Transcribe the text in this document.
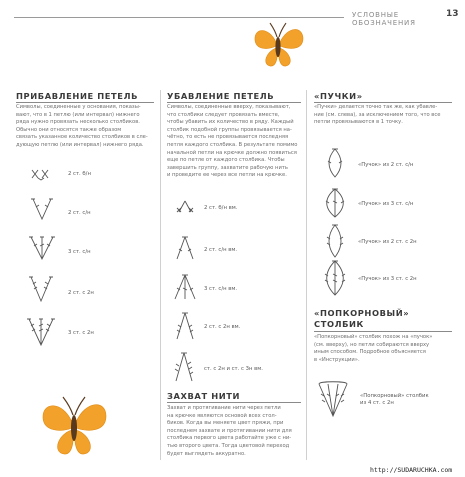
УСЛОВНЫЕ ОБОЗНАЧЕНИЯ
13
ПРИБАВЛЕНИЕ ПЕТЕЛЬ
Символы, соединенные у основания, показы-
вают, что в 1 петлю (или интервал) нижнего
ряда нужно провязать несколько столбиков.
Обычно они относятся также образом
связать указанное количество столбиков в сле-
дующую петлю (или интервал) нижнего ряда.
2 ст. б/н
2 ст. с/н
3 ст. с/н
2 ст. с 2н
3 ст. с 2н
УБАВЛЕНИЕ ПЕТЕЛЬ
Символы, соединенные вверху, показывают,
что столбики следует провязать вместе,
чтобы убавить их количество в ряду. Каждый
столбик подобной группы провязывается на-
чётно, то есть не провязывается последняя
петля каждого столбика. В результате помимо
начальной петли на крючке должно появиться
еще по петле от каждого столбика. Чтобы
завершить группу, захватите рабочую нить
и проведите ее через все петли на крючке.
2 ст. б/н вм.
2 ст. с/н вм.
3 ст. с/н вм.
2 ст. с 2н вм.
ст. с 2н и ст. с 3н вм.
ЗАХВАТ НИТИ
Захват и протягивание нити через петли
на крючке являются основой всех стол-
биков. Когда вы меняете цвет пряжи, при
последнем захвате и протягивании нити для
столбика первого цвета работайте уже с ни-
тью второго цвета. Тогда цветовой переход
будет выглядеть аккуратно.
«ПУЧКИ»
«Пучки» делается точно так же, как убавле-
ние (см. слева), за исключением того, что все
петли провязываются в 1 точку.
«Пучок» из 2 ст. с/н
«Пучок» из 3 ст. с/н
«Пучок» из 2 ст. с 2н
«Пучок» из 3 ст. с 2н
«ПОПКОРНОВЫЙ»
СТОЛБИК
«Попкорновый» столбик похож на «пучок»
(см. вверху), но петли собираются вверху
иным способом. Подробное объясняется
в «Инструкции».
«Попкорновый» столбик
из 4 ст. с 2н
http://SUDARUCHKA.com
